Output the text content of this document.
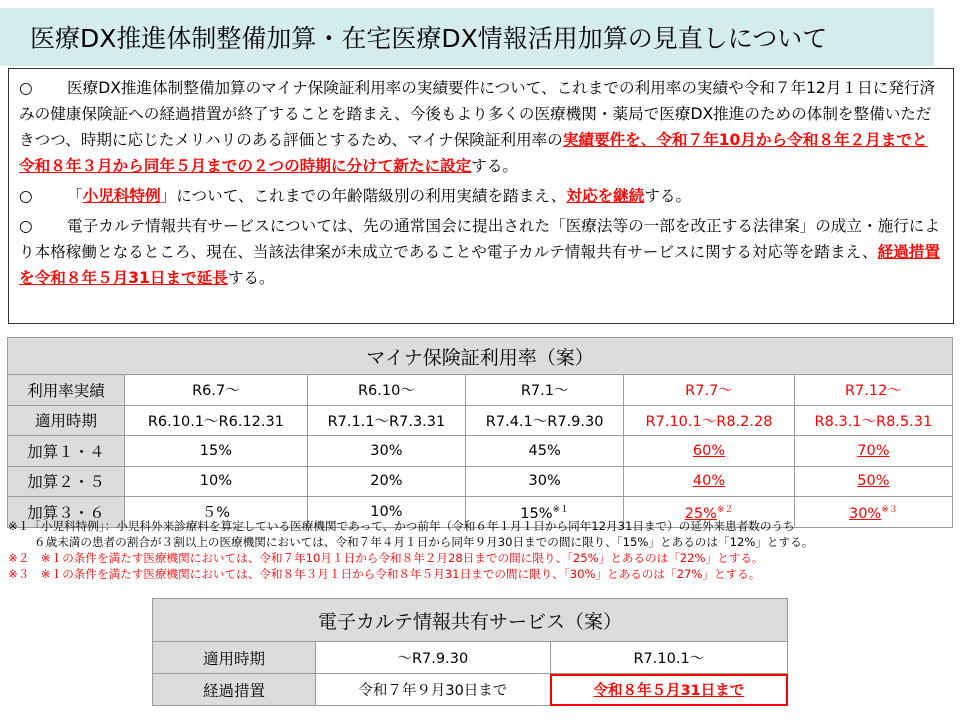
医療DX推進体制整備加算・在宅医療DX情報活用加算の見直しについて

○ 医療DX推進体制整備加算のマイナ保険証利用率の実績要件について、これまでの利用率の実績や令和７年12月１日に発行済みの健康保険証への経過措置が終了することを踏まえ、今後もより多くの医療機関・薬局で医療DX推進のための体制を整備いただきつつ、時期に応じたメリハリのある評価とするため、マイナ保険証利用率の実績要件を、令和７年10月から令和８年２月までと令和８年３月から同年５月までの２つの時期に分けて新たに設定する。

○ 「小児科特例」について、これまでの年齢階級別の利用実績を踏まえ、対応を継続する。

○ 電子カルテ情報共有サービスについては、先の通常国会に提出された「医療法等の一部を改正する法律案」の成立・施行により本格稼働となるところ、現在、当該法律案が未成立であることや電子カルテ情報共有サービスに関する対応等を踏まえ、経過措置を令和８年５月31日まで延長する。

マイナ保険証利用率（案）					
利用率実績	R6.7～	R6.10～	R7.1～	R7.7～	R7.12～
適用時期	R6.10.1～R6.12.31	R7.1.1～R7.3.31	R7.4.1～R7.9.30	R7.10.1～R8.2.28	R8.3.1～R8.5.31
加算１・４	15%	30%	45%	60%	70%
加算２・５	10%	20%	30%	40%	50%
加算３・６	５%	10%	15%$^{※1}$	25%$^{※2}$	30%$^{※3}$
※１「小児科特例」：小児科外来診療料を算定している医療機関であって、かつ前年（令和６年１月１日から同年12月31日まで）の延外来患者数のうち
６歳未満の患者の割合が３割以上の医療機関においては、令和７年４月１日から同年９月30日までの間に限り、「15%」とあるのは「12%」とする。
※２　※１の条件を満たす医療機関においては、令和７年10月１日から令和８年２月28日までの間に限り、「25%」とあるのは「22%」とする。
※３　※１の条件を満たす医療機関においては、令和８年３月１日から令和８年５月31日までの間に限り、「30%」とあるのは「27%」とする。
電子カルテ情報共有サービス（案）		
適用時期	～R7.9.30	R7.10.1～
経過措置	令和７年９月30日まで	令和８年５月31日まで
